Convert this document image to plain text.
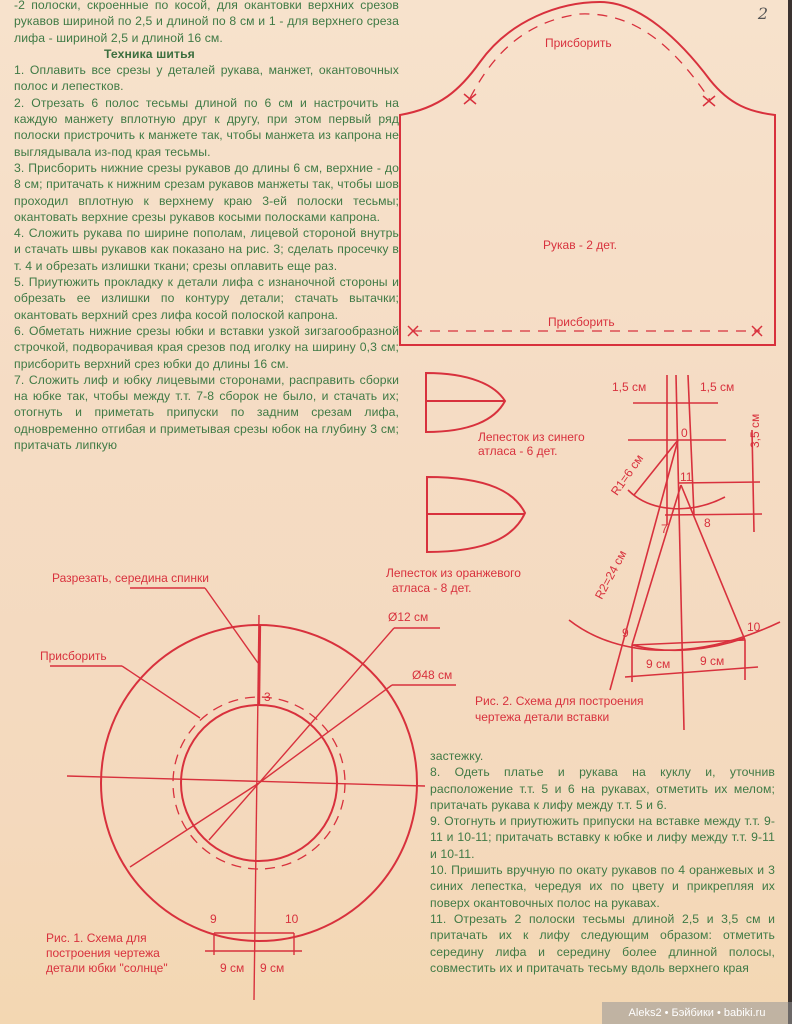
2

-2 полоски, скроенные по косой, для окантовки верхних срезов рукавов шириной по 2,5 и длиной по 8 см и 1 - для верхнего среза лифа - шириной 2,5 и длиной 16 см.

Техника шитья

1. Оплавить все срезы у деталей рукава, манжет, окантовочных полос и лепестков.

2. Отрезать 6 полос тесьмы длиной по 6 см и настрочить на каждую манжету вплотную друг к другу, при этом первый ряд полоски пристрочить к манжете так, чтобы манжета из капрона не выглядывала из-под края тесьмы.

3. Присборить нижние срезы рукавов до длины 6 см, верхние - до 8 см; притачать к нижним срезам рукавов манжеты так, чтобы шов проходил вплотную к верхнему краю 3-ей полоски тесьмы; окантовать верхние срезы рукавов косыми полосками капрона.

4. Сложить рукава по ширине пополам, лицевой стороной внутрь и стачать швы рукавов как показано на рис. 3; сделать просечку в т. 4 и обрезать излишки ткани; срезы оплавить еще раз.

5. Приутюжить прокладку к детали лифа с изнаночной стороны и обрезать ее излишки по контуру детали; стачать вытачки; окантовать верхний срез лифа косой полоской капрона.

6. Обметать нижние срезы юбки и вставки узкой зигзагообразной строчкой, подворачивая края срезов под иголку на ширину 0,3 см; присборить верхний срез юбки до длины 16 см.

7. Сложить лиф и юбку лицевыми сторонами, расправить сборки на юбке так, чтобы между т.т. 7-8 сборок не было, и стачать их; отогнуть и приметать припуски по задним срезам лифа, одновременно отгибая и приметывая срезы юбок на глубину 3 см; притачать липкую

застежку.

8. Одеть платье и рукава на куклу и, уточнив расположение т.т. 5 и 6 на рукавах, отметить их мелом; притачать рукава к лифу между т.т. 5 и 6.

9. Отогнуть и приутюжить припуски на вставке между т.т. 9-11 и 10-11; притачать вставку к юбке и лифу между т.т. 9-11 и 10-11.

10. Пришить вручную по окату рукавов по 4 оранжевых и 3 синих лепестка, чередуя их по цвету и прикрепляя их поверх окантовочных полос на рукавах.

11. Отрезать 2 полоски тесьмы длиной 2,5 и 3,5 см и притачать их к лифу следующим образом: отметить середину лифа и середину более длинной полосы, совместить их и притачать тесьму вдоль верхнего края

Присборить
Рукав - 2 дет.
Присборить
Лепесток из синего
атласа - 6 дет.
Лепесток из оранжевого
атласа - 8 дет.
1,5 см	1,5 см
0
11
7	8
3,5 см
R1=6 см
R2=24 см
9	10
9 см 9 см
Рис. 2. Схема для построения
чертежа детали вставки
Разрезать, середина спинки
Присборить
Ø12 см
Ø48 см
3
9	10
9 см 9 см
Рис. 1. Схема для
построения чертежа
детали юбки "солнце"
Aleks2 • Бэйбики • babiki.ru
